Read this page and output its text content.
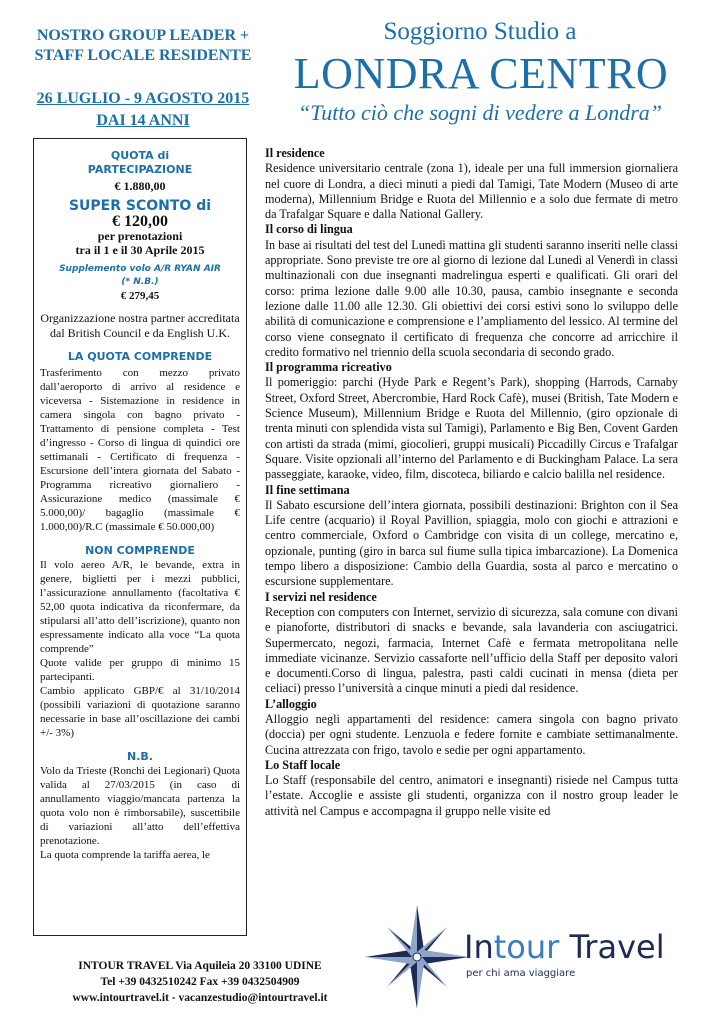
NOSTRO GROUP LEADER +
STAFF LOCALE RESIDENTE
26 LUGLIO - 9 AGOSTO 2015
DAI 14 ANNI
Soggiorno Studio a
LONDRA CENTRO
“Tutto ciò che sogni di vedere a Londra”
QUOTA di
PARTECIPAZIONE
€ 1.880,00
SUPER SCONTO di
€ 120,00
per prenotazioni
tra il 1 e il 30 Aprile 2015
Supplemento volo A/R RYAN AIR
(* N.B.)
€ 279,45
Organizzazione nostra partner accreditata dal British Council e da English U.K.
LA QUOTA COMPRENDE
Trasferimento con mezzo privato dall’aeroporto di arrivo al residence e viceversa - Sistemazione in residence in camera singola con bagno privato - Trattamento di pensione completa - Test d’ingresso - Corso di lingua di quindici ore settimanali - Certificato di frequenza - Escursione dell’intera giornata del Sabato - Programma ricreativo giornaliero - Assicurazione medico (massimale € 5.000,00)/ bagaglio (massimale € 1.000,00)/R.C (massimale € 50.000,00)
NON COMPRENDE
Il volo aereo A/R, le bevande, extra in genere, biglietti per i mezzi pubblici, l’assicurazione annullamento (facoltativa € 52,00 quota indicativa da riconfermare, da stipularsi all’atto dell’iscrizione), quanto non espressamente indicato alla voce “La quota comprende”
Quote valide per gruppo di minimo 15 partecipanti.
Cambio applicato GBP/€ al 31/10/2014 (possibili variazioni di quotazione saranno necessarie in base all’oscillazione dei cambi +/- 3%)
N.B.
Volo da Trieste (Ronchi dei Legionari) Quota valida al 27/03/2015 (in caso di annullamento viaggio/mancata partenza la quota volo non è rimborsabile), suscettibile di variazioni all’atto dell’effettiva prenotazione.
La quota comprende la tariffa aerea, le
Il residence

Residence universitario centrale (zona 1), ideale per una full immersion giornaliera nel cuore di Londra, a dieci minuti a piedi dal Tamigi, Tate Modern (Museo di arte moderna), Millennium Bridge e Ruota del Millennio e a solo due fermate di metro da Trafalgar Square e dalla National Gallery.

Il corso di lingua

In base ai risultati del test del Lunedì mattina gli studenti saranno inseriti nelle classi appropriate. Sono previste tre ore al giorno di lezione dal Lunedì al Venerdì in classi multinazionali con due insegnanti madrelingua esperti e qualificati. Gli orari del corso: prima lezione dalle 9.00 alle 10.30, pausa, cambio insegnante e seconda lezione dalle 11.00 alle 12.30. Gli obiettivi dei corsi estivi sono lo sviluppo delle abilità di comunicazione e comprensione e l’ampliamento del lessico. Al termine del corso viene consegnato il certificato di frequenza che concorre ad arricchire il credito formativo nel triennio della scuola secondaria di secondo grado.

Il programma ricreativo

Il pomeriggio: parchi (Hyde Park e Regent’s Park), shopping (Harrods, Carnaby Street, Oxford Street, Abercrombie, Hard Rock Cafè), musei (British, Tate Modern e Science Museum), Millennium Bridge e Ruota del Millennio, (giro opzionale di trenta minuti con splendida vista sul Tamigi), Parlamento e Big Ben, Covent Garden con artisti da strada (mimi, giocolieri, gruppi musicali) Piccadilly Circus e Trafalgar Square. Visite opzionali all’interno del Parlamento e di Buckingham Palace. La sera passeggiate, karaoke, video, film, discoteca, biliardo e calcio balilla nel residence.

Il fine settimana

Il Sabato escursione dell’intera giornata, possibili destinazioni: Brighton con il Sea Life centre (acquario) il Royal Pavillion, spiaggia, molo con giochi e attrazioni e centro commerciale, Oxford o Cambridge con visita di un college, mercatino e, opzionale, punting (giro in barca sul fiume sulla tipica imbarcazione). La Domenica tempo libero a disposizione: Cambio della Guardia, sosta al parco e mercatino o escursione supplementare.

I servizi nel residence

Reception con computers con Internet, servizio di sicurezza, sala comune con divani e pianoforte, distributori di snacks e bevande, sala lavanderia con asciugatrici. Supermercato, negozi, farmacia, Internet Cafè e fermata metropolitana nelle immediate vicinanze. Servizio cassaforte nell’ufficio della Staff per deposito valori e documenti.Corso di lingua, palestra, pasti caldi cucinati in mensa (dieta per celiaci) presso l’università a cinque minuti a piedi dal residence.

L’alloggio

Alloggio negli appartamenti del residence: camera singola con bagno privato (doccia) per ogni studente. Lenzuola e federe fornite e cambiate settimanalmente. Cucina attrezzata con frigo, tavolo e sedie per ogni appartamento.

Lo Staff locale

Lo Staff (responsabile del centro, animatori e insegnanti) risiede nel Campus tutta l’estate. Accoglie e assiste gli studenti, organizza con il nostro group leader le attività nel Campus e accompagna il gruppo nelle visite ed

INTOUR TRAVEL Via Aquileia 20 33100 UDINE
Tel +39 0432510242 Fax +39 0432504909
www.intourtravel.it - vacanzestudio@intourtravel.it
Intour Travel
per chi ama viaggiare
